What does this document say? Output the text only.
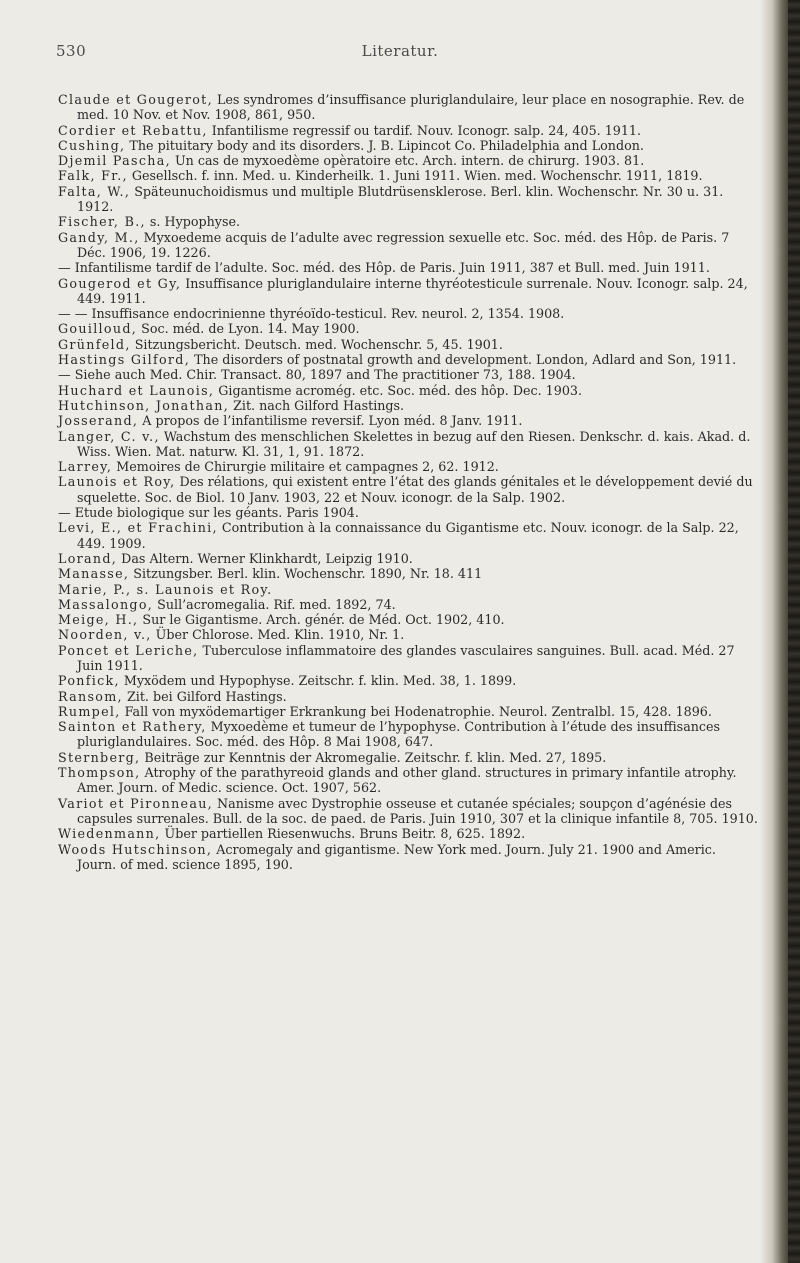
530	Literatur.

Claude et Gougerot, Les syndromes d’insuffisance pluriglandulaire, leur place en nosographie. Rev. de med. 10 Nov. et Nov. 1908, 861, 950.

Cordier et Rebattu, Infantilisme regressif ou tardif. Nouv. Iconogr. salp. 24, 405. 1911.

Cushing, The pituitary body and its disorders. J. B. Lipincot Co. Philadelphia and London.

Djemil Pascha, Un cas de myxoedème opèratoire etc. Arch. intern. de chirurg. 1903. 81.

Falk, Fr., Gesellsch. f. inn. Med. u. Kinderheilk. 1. Juni 1911. Wien. med. Wochenschr. 1911, 1819.

Falta, W., Späteunuchoidismus und multiple Blutdrüsensklerose. Berl. klin. Wochenschr. Nr. 30 u. 31. 1912.

Fischer, B., s. Hypophyse.

Gandy, M., Myxoedeme acquis de l’adulte avec regression sexuelle etc. Soc. méd. des Hôp. de Paris. 7 Déc. 1906, 19. 1226.

— Infantilisme tardif de l’adulte. Soc. méd. des Hôp. de Paris. Juin 1911, 387 et Bull. med. Juin 1911.

Gougerod et Gy, Insuffisance pluriglandulaire interne thyréotesticule surrenale. Nouv. Iconogr. salp. 24, 449. 1911.

— — Insuffisance endocrinienne thyréoïdo-testicul. Rev. neurol. 2, 1354. 1908.

Gouilloud, Soc. méd. de Lyon. 14. May 1900.

Grünfeld, Sitzungsbericht. Deutsch. med. Wochenschr. 5, 45. 1901.

Hastings Gilford, The disorders of postnatal growth and development. London, Adlard and Son, 1911.

— Siehe auch Med. Chir. Transact. 80, 1897 and The practitioner 73, 188. 1904.

Huchard et Launois, Gigantisme acromég. etc. Soc. méd. des hôp. Dec. 1903.

Hutchinson, Jonathan, Zit. nach Gilford Hastings.

Josserand, A propos de l’infantilisme reversif. Lyon méd. 8 Janv. 1911.

Langer, C. v., Wachstum des menschlichen Skelettes in bezug auf den Riesen. Denkschr. d. kais. Akad. d. Wiss. Wien. Mat. naturw. Kl. 31, 1, 91. 1872.

Larrey, Memoires de Chirurgie militaire et campagnes 2, 62. 1912.

Launois et Roy, Des rélations, qui existent entre l’état des glands génitales et le développement devié du squelette. Soc. de Biol. 10 Janv. 1903, 22 et Nouv. iconogr. de la Salp. 1902.

— Etude biologique sur les géants. Paris 1904.

Levi, E., et Frachini, Contribution à la connaissance du Gigantisme etc. Nouv. iconogr. de la Salp. 22, 449. 1909.

Lorand, Das Altern. Werner Klinkhardt, Leipzig 1910.

Manasse, Sitzungsber. Berl. klin. Wochenschr. 1890, Nr. 18. 411

Marie, P., s. Launois et Roy.

Massalongo, Sull’acromegalia. Rif. med. 1892, 74.

Meige, H., Sur le Gigantisme. Arch. génér. de Méd. Oct. 1902, 410.

Noorden, v., Über Chlorose. Med. Klin. 1910, Nr. 1.

Poncet et Leriche, Tuberculose inflammatoire des glandes vasculaires sanguines. Bull. acad. Méd. 27 Juin 1911.

Ponfick, Myxödem und Hypophyse. Zeitschr. f. klin. Med. 38, 1. 1899.

Ransom, Zit. bei Gilford Hastings.

Rumpel, Fall von myxödemartiger Erkrankung bei Hodenatrophie. Neurol. Zentralbl. 15, 428. 1896.

Sainton et Rathery, Myxoedème et tumeur de l’hypophyse. Contribution à l’étude des insuffisances pluriglandulaires. Soc. méd. des Hôp. 8 Mai 1908, 647.

Sternberg, Beiträge zur Kenntnis der Akromegalie. Zeitschr. f. klin. Med. 27, 1895.

Thompson, Atrophy of the parathyreoid glands and other gland. structures in primary infantile atrophy. Amer. Journ. of Medic. science. Oct. 1907, 562.

Variot et Pironneau, Nanisme avec Dystrophie osseuse et cutanée spéciales; soupçon d’agénésie des capsules surrenales. Bull. de la soc. de paed. de Paris. Juin 1910, 307 et la clinique infantile 8, 705. 1910.

Wiedenmann, Über partiellen Riesenwuchs. Bruns Beitr. 8, 625. 1892.

Woods Hutschinson, Acromegaly and gigantisme. New York med. Journ. July 21. 1900 and Americ. Journ. of med. science 1895, 190.
